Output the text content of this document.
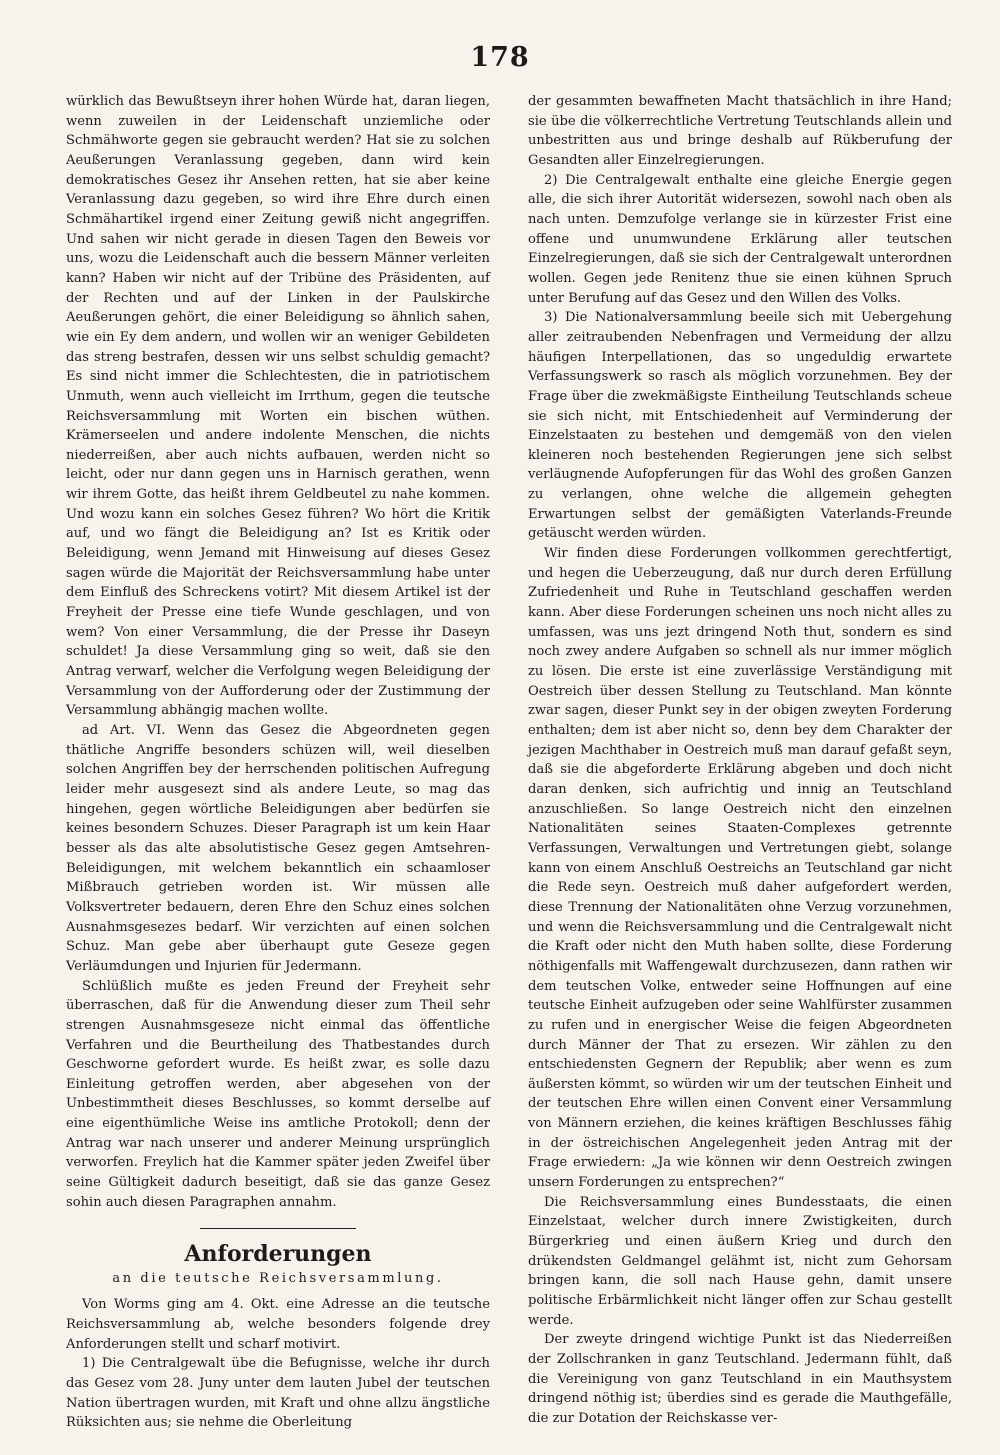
178

würklich das Bewußtseyn ihrer hohen Würde hat, daran liegen, wenn zuweilen in der Leidenschaft unziemliche oder Schmähworte gegen sie gebraucht werden? Hat sie zu solchen Aeußerungen Veranlassung gegeben, dann wird kein demokratisches Gesez ihr Ansehen retten, hat sie aber keine Veranlassung dazu gegeben, so wird ihre Ehre durch einen Schmähartikel irgend einer Zeitung gewiß nicht angegriffen. Und sahen wir nicht gerade in diesen Tagen den Beweis vor uns, wozu die Leidenschaft auch die bessern Männer verleiten kann? Haben wir nicht auf der Tribüne des Präsidenten, auf der Rechten und auf der Linken in der Paulskirche Aeußerungen gehört, die einer Beleidigung so ähnlich sahen, wie ein Ey dem andern, und wollen wir an weniger Gebildeten das streng bestrafen, dessen wir uns selbst schuldig gemacht? Es sind nicht immer die Schlechtesten, die in patriotischem Unmuth, wenn auch vielleicht im Irrthum, gegen die teutsche Reichsversammlung mit Worten ein bischen wüthen. Krämerseelen und andere indolente Menschen, die nichts niederreißen, aber auch nichts aufbauen, werden nicht so leicht, oder nur dann gegen uns in Harnisch gerathen, wenn wir ihrem Gotte, das heißt ihrem Geldbeutel zu nahe kommen. Und wozu kann ein solches Gesez führen? Wo hört die Kritik auf, und wo fängt die Beleidigung an? Ist es Kritik oder Beleidigung, wenn Jemand mit Hinweisung auf dieses Gesez sagen würde die Majorität der Reichsversammlung habe unter dem Einfluß des Schreckens votirt? Mit diesem Artikel ist der Freyheit der Presse eine tiefe Wunde geschlagen, und von wem? Von einer Versammlung, die der Presse ihr Daseyn schuldet! Ja diese Versammlung ging so weit, daß sie den Antrag verwarf, welcher die Verfolgung wegen Beleidigung der Versammlung von der Aufforderung oder der Zustimmung der Versammlung abhängig machen wollte.

ad Art. VI. Wenn das Gesez die Abgeordneten gegen thätliche Angriffe besonders schüzen will, weil dieselben solchen Angriffen bey der herrschenden politischen Aufregung leider mehr ausgesezt sind als andere Leute, so mag das hingehen, gegen wörtliche Beleidigungen aber bedürfen sie keines besondern Schuzes. Dieser Paragraph ist um kein Haar besser als das alte absolutistische Gesez gegen Amtsehren-Beleidigungen, mit welchem bekanntlich ein schaamloser Mißbrauch getrieben worden ist. Wir müssen alle Volksvertreter bedauern, deren Ehre den Schuz eines solchen Ausnahmsgesezes bedarf. Wir verzichten auf einen solchen Schuz. Man gebe aber überhaupt gute Geseze gegen Verläumdungen und Injurien für Jedermann.

Schlüßlich mußte es jeden Freund der Freyheit sehr überraschen, daß für die Anwendung dieser zum Theil sehr strengen Ausnahmsgeseze nicht einmal das öffentliche Verfahren und die Beurtheilung des Thatbestandes durch Geschworne gefordert wurde. Es heißt zwar, es solle dazu Einleitung getroffen werden, aber abgesehen von der Unbestimmtheit dieses Beschlusses, so kommt derselbe auf eine eigenthümliche Weise ins amtliche Protokoll; denn der Antrag war nach unserer und anderer Meinung ursprünglich verworfen. Freylich hat die Kammer später jeden Zweifel über seine Gültigkeit dadurch beseitigt, daß sie das ganze Gesez sohin auch diesen Paragraphen annahm.

Anforderungen
an die teutsche Reichsversammlung.

Von Worms ging am 4. Okt. eine Adresse an die teutsche Reichsversammlung ab, welche besonders folgende drey Anforderungen stellt und scharf motivirt.

1) Die Centralgewalt übe die Befugnisse, welche ihr durch das Gesez vom 28. Juny unter dem lauten Jubel der teutschen Nation übertragen wurden, mit Kraft und ohne allzu ängstliche Rüksichten aus; sie nehme die Oberleitung

der gesammten bewaffneten Macht thatsächlich in ihre Hand; sie übe die völkerrechtliche Vertretung Teutschlands allein und unbestritten aus und bringe deshalb auf Rükberufung der Gesandten aller Einzelregierungen.

2) Die Centralgewalt enthalte eine gleiche Energie gegen alle, die sich ihrer Autorität widersezen, sowohl nach oben als nach unten. Demzufolge verlange sie in kürzester Frist eine offene und unumwundene Erklärung aller teutschen Einzelregierungen, daß sie sich der Centralgewalt unterordnen wollen. Gegen jede Renitenz thue sie einen kühnen Spruch unter Berufung auf das Gesez und den Willen des Volks.

3) Die Nationalversammlung beeile sich mit Uebergehung aller zeitraubenden Nebenfragen und Vermeidung der allzu häufigen Interpellationen, das so ungeduldig erwartete Verfassungswerk so rasch als möglich vorzunehmen. Bey der Frage über die zwekmäßigste Eintheilung Teutschlands scheue sie sich nicht, mit Entschiedenheit auf Verminderung der Einzelstaaten zu bestehen und demgemäß von den vielen kleineren noch bestehenden Regierungen jene sich selbst verläugnende Aufopferungen für das Wohl des großen Ganzen zu verlangen, ohne welche die allgemein gehegten Erwartungen selbst der gemäßigten Vaterlands-Freunde getäuscht werden würden.

Wir finden diese Forderungen vollkommen gerechtfertigt, und hegen die Ueberzeugung, daß nur durch deren Erfüllung Zufriedenheit und Ruhe in Teutschland geschaffen werden kann. Aber diese Forderungen scheinen uns noch nicht alles zu umfassen, was uns jezt dringend Noth thut, sondern es sind noch zwey andere Aufgaben so schnell als nur immer möglich zu lösen. Die erste ist eine zuverlässige Verständigung mit Oestreich über dessen Stellung zu Teutschland. Man könnte zwar sagen, dieser Punkt sey in der obigen zweyten Forderung enthalten; dem ist aber nicht so, denn bey dem Charakter der jezigen Machthaber in Oestreich muß man darauf gefaßt seyn, daß sie die abgeforderte Erklärung abgeben und doch nicht daran denken, sich aufrichtig und innig an Teutschland anzuschließen. So lange Oestreich nicht den einzelnen Nationalitäten seines Staaten-Complexes getrennte Verfassungen, Verwaltungen und Vertretungen giebt, solange kann von einem Anschluß Oestreichs an Teutschland gar nicht die Rede seyn. Oestreich muß daher aufgefordert werden, diese Trennung der Nationalitäten ohne Verzug vorzunehmen, und wenn die Reichsversammlung und die Centralgewalt nicht die Kraft oder nicht den Muth haben sollte, diese Forderung nöthigenfalls mit Waffengewalt durchzusezen, dann rathen wir dem teutschen Volke, entweder seine Hoffnungen auf eine teutsche Einheit aufzugeben oder seine Wahlfürster zusammen zu rufen und in energischer Weise die feigen Abgeordneten durch Männer der That zu ersezen. Wir zählen zu den entschiedensten Gegnern der Republik; aber wenn es zum äußersten kömmt, so würden wir um der teutschen Einheit und der teutschen Ehre willen einen Convent einer Versammlung von Männern erziehen, die keines kräftigen Beschlusses fähig in der östreichischen Angelegenheit jeden Antrag mit der Frage erwiedern: „Ja wie können wir denn Oestreich zwingen unsern Forderungen zu entsprechen?“

Die Reichsversammlung eines Bundesstaats, die einen Einzelstaat, welcher durch innere Zwistigkeiten, durch Bürgerkrieg und einen äußern Krieg und durch den drükendsten Geldmangel gelähmt ist, nicht zum Gehorsam bringen kann, die soll nach Hause gehn, damit unsere politische Erbärmlichkeit nicht länger offen zur Schau gestellt werde.

Der zweyte dringend wichtige Punkt ist das Niederreißen der Zollschranken in ganz Teutschland. Jedermann fühlt, daß die Vereinigung von ganz Teutschland in ein Mauthsystem dringend nöthig ist; überdies sind es gerade die Mauthgefälle, die zur Dotation der Reichskasse ver-
